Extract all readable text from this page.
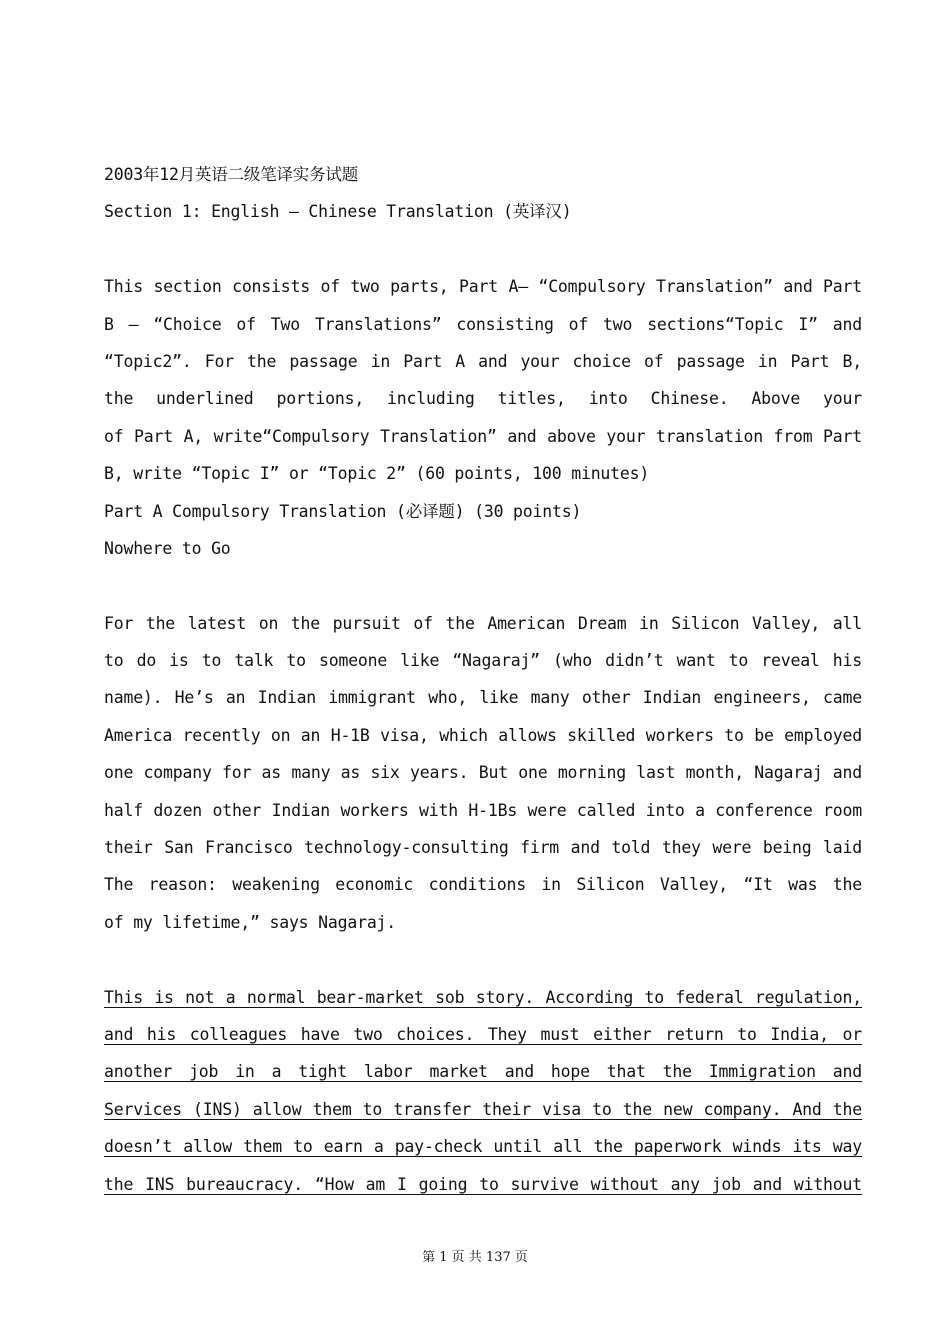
2003年12月英语二级笔译实务试题
Section 1: English – Chinese Translation (英译汉)
This section consists of two parts, Part A– “Compulsory Translation” and Part
B — “Choice of Two Translations” consisting of two sections“Topic I” and
“Topic2”. For the passage in Part A and your choice of passage in Part B,
the underlined portions, including titles, into Chinese. Above your
of Part A, write“Compulsory Translation” and above your translation from Part
B, write “Topic I” or “Topic 2” (60 points, 100 minutes)
Part A Compulsory Translation (必译题) (30 points)
Nowhere to Go
For the latest on the pursuit of the American Dream in Silicon Valley, all
to do is to talk to someone like “Nagaraj” (who didn’t want to reveal his
name). He’s an Indian immigrant who, like many other Indian engineers, came
America recently on an H-1B visa, which allows skilled workers to be employed
one company for as many as six years. But one morning last month, Nagaraj and
half dozen other Indian workers with H-1Bs were called into a conference room
their San Francisco technology-consulting firm and told they were being laid
The reason: weakening economic conditions in Silicon Valley, “It was the
of my lifetime,” says Nagaraj.
This is not a normal bear-market sob story. According to federal regulation,
and his colleagues have two choices. They must either return to India, or
another job in a tight labor market and hope that the Immigration and
Services (INS) allow them to transfer their visa to the new company. And the
doesn’t allow them to earn a pay-check until all the paperwork winds its way
the INS bureaucracy. “How am I going to survive without any job and without
第 1 页 共 137 页
